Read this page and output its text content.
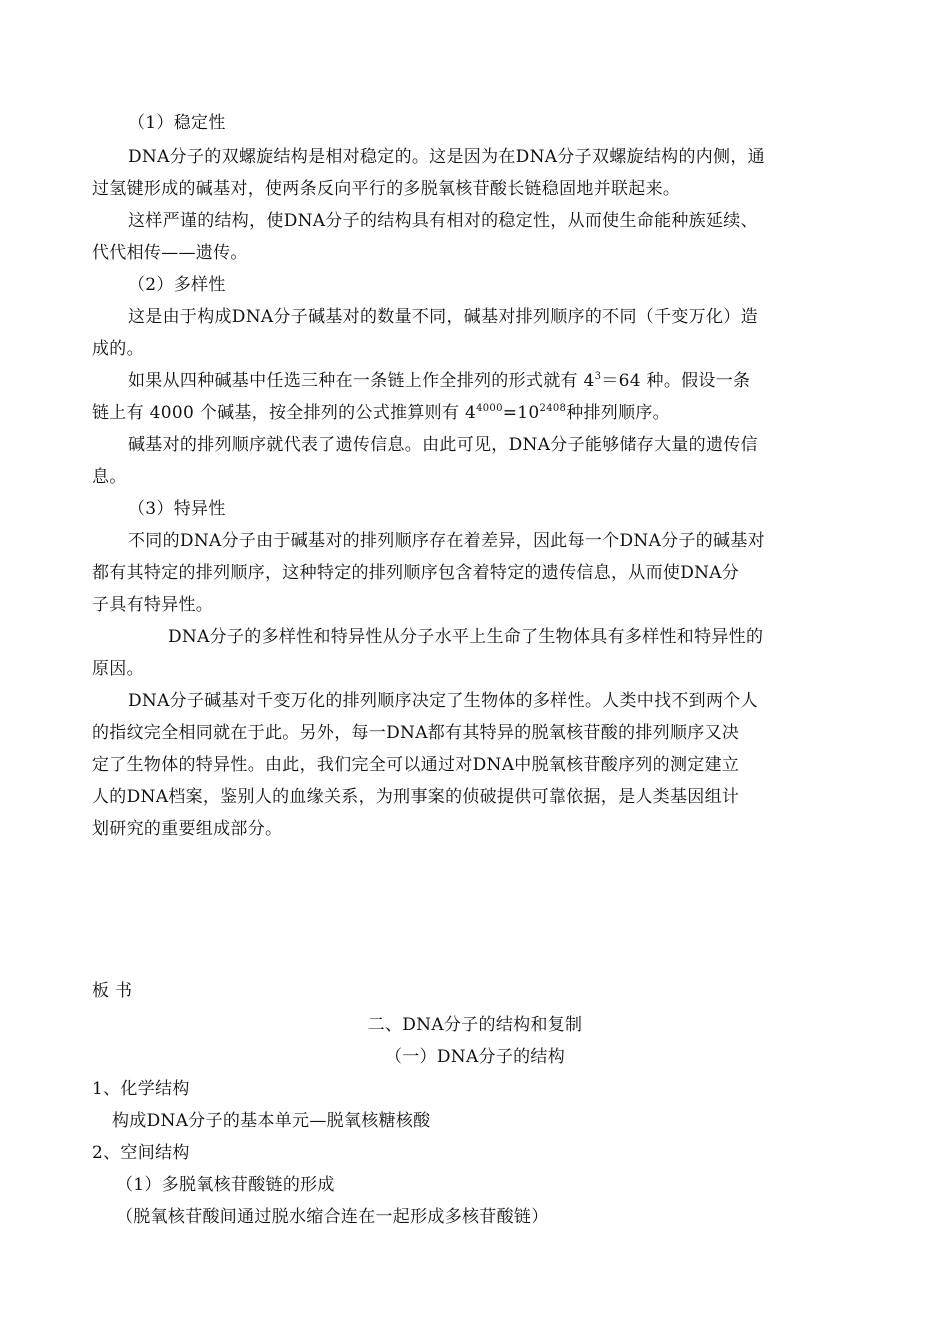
（1）稳定性
DNA分子的双螺旋结构是相对稳定的。这是因为在DNA分子双螺旋结构的内侧，通
过氢键形成的碱基对，使两条反向平行的多脱氧核苷酸长链稳固地并联起来。
这样严谨的结构，使DNA分子的结构具有相对的稳定性，从而使生命能种族延续、
代代相传——遗传。
（2）多样性
这是由于构成DNA分子碱基对的数量不同，碱基对排列顺序的不同（千变万化）造
成的。
如果从四种碱基中任选三种在一条链上作全排列的形式就有 $4^3=64$ 种。假设一条
链上有 4000 个碱基，按全排列的公式推算则有 $4^{4000}=10^{2408}$种排列顺序。
碱基对的排列顺序就代表了遗传信息。由此可见，DNA分子能够储存大量的遗传信
息。
（3）特异性
不同的DNA分子由于碱基对的排列顺序存在着差异，因此每一个DNA分子的碱基对
都有其特定的排列顺序，这种特定的排列顺序包含着特定的遗传信息，从而使DNA分
子具有特异性。
DNA分子的多样性和特异性从分子水平上生命了生物体具有多样性和特异性的
原因。
DNA分子碱基对千变万化的排列顺序决定了生物体的多样性。人类中找不到两个人
的指纹完全相同就在于此。另外，每一DNA都有其特异的脱氧核苷酸的排列顺序又决
定了生物体的特异性。由此，我们完全可以通过对DNA中脱氧核苷酸序列的测定建立
人的DNA档案，鉴别人的血缘关系，为刑事案的侦破提供可靠依据，是人类基因组计
划研究的重要组成部分。
板 书
二、DNA分子的结构和复制
（一）DNA分子的结构
1、化学结构
构成DNA分子的基本单元—脱氧核糖核酸
2、空间结构
（1）多脱氧核苷酸链的形成
（脱氧核苷酸间通过脱水缩合连在一起形成多核苷酸链）
